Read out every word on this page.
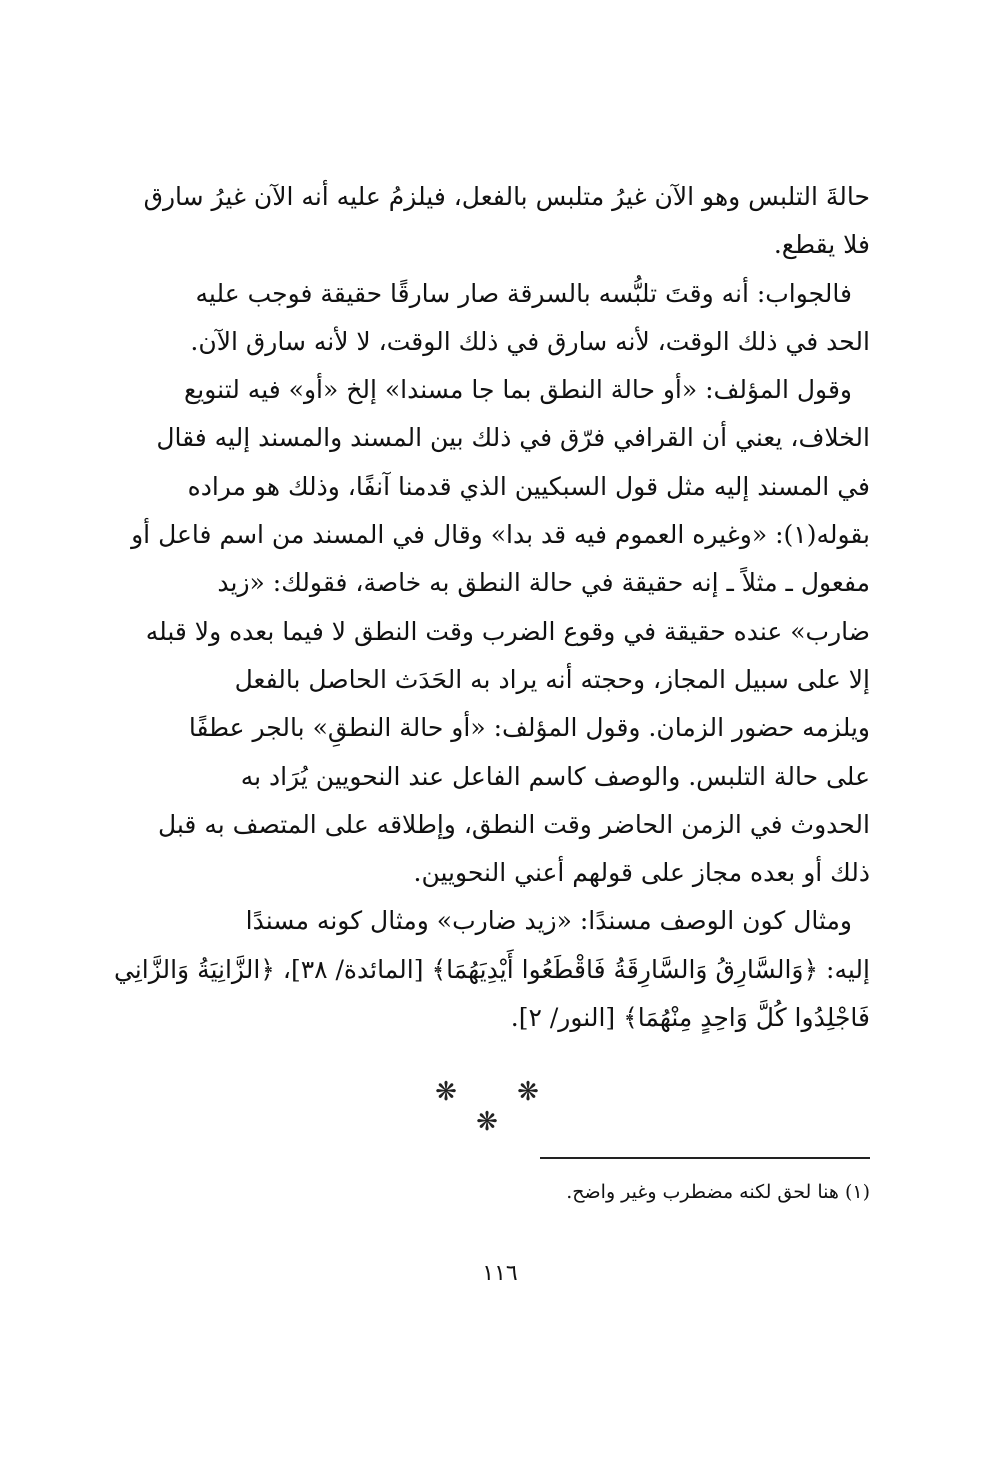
حالةَ التلبس وهو الآن غيرُ متلبس بالفعل، فيلزمُ عليه أنه الآن غيرُ سارق
فلا يقطع.
فالجواب: أنه وقتَ تلبُّسه بالسرقة صار سارقًا حقيقة فوجب عليه
الحد في ذلك الوقت، لأنه سارق في ذلك الوقت، لا لأنه سارق الآن.
وقول المؤلف: «أو حالة النطق بما جا مسندا» إلخ «أو» فيه لتنويع
الخلاف، يعني أن القرافي فرّق في ذلك بين المسند والمسند إليه فقال
في المسند إليه مثل قول السبكيين الذي قدمنا آنفًا، وذلك هو مراده
بقوله(١): «وغيره العموم فيه قد بدا» وقال في المسند من اسم فاعل أو
مفعول ـ مثلاً ـ إنه حقيقة في حالة النطق به خاصة، فقولك: «زيد
ضارب» عنده حقيقة في وقوع الضرب وقت النطق لا فيما بعده ولا قبله
إلا على سبيل المجاز، وحجته أنه يراد به الحَدَث الحاصل بالفعل
ويلزمه حضور الزمان. وقول المؤلف: «أو حالة النطقِ» بالجر عطفًا
على حالة التلبس. والوصف كاسم الفاعل عند النحويين يُرَاد به
الحدوث في الزمن الحاضر وقت النطق، وإطلاقه على المتصف به قبل
ذلك أو بعده مجاز على قولهم أعني النحويين.
ومثال كون الوصف مسندًا: «زيد ضارب» ومثال كونه مسندًا
إليه: ﴿وَالسَّارِقُ وَالسَّارِقَةُ فَاقْطَعُوا أَيْدِيَهُمَا﴾ [المائدة/ ٣٨]، ﴿الزَّانِيَةُ وَالزَّانِي
فَاجْلِدُوا كُلَّ وَاحِدٍ مِنْهُمَا﴾ [النور/ ٢].
❋ ❋ ❋
(١) هنا لحق لكنه مضطرب وغير واضح.
١١٦
